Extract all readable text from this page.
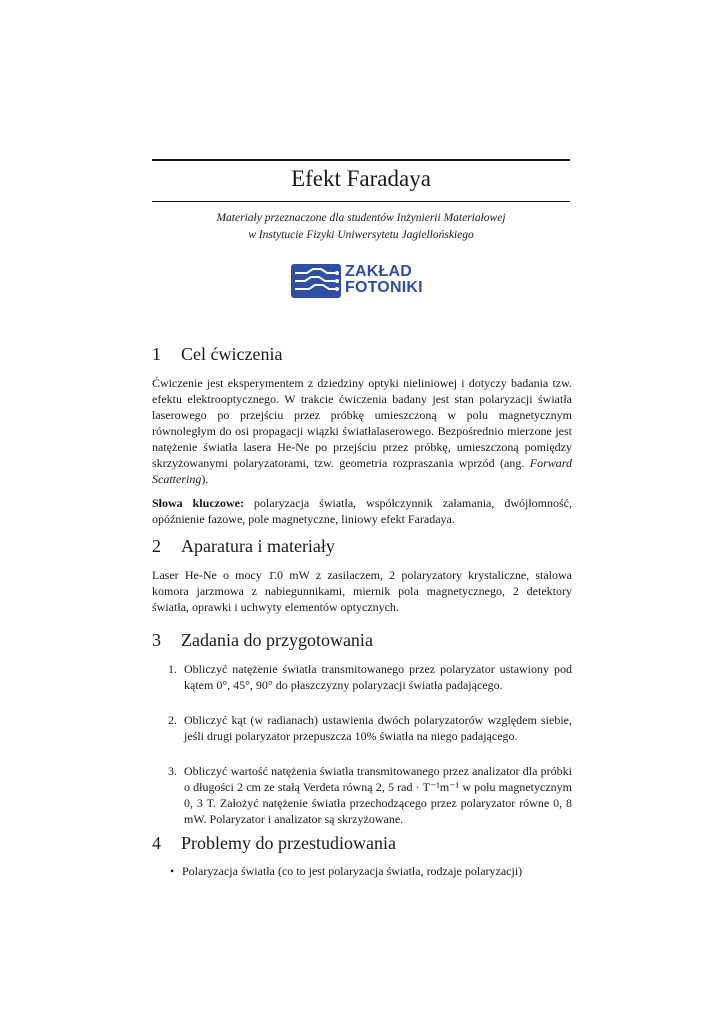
Efekt Faradaya
Materiały przeznaczone dla studentów Inżynierii Materiałowej
w Instytucie Fizyki Uniwersytetu Jagiellońskiego
ZAKŁAD
FOTONIKI
1 Cel ćwiczenia

Ćwiczenie jest eksperymentem z dziedziny optyki nieliniowej i dotyczy badania tzw. efektu elektrooptycznego. W trakcie ćwiczenia badany jest stan polaryzacji światła laserowego po przejściu przez próbkę umieszczoną w polu magnetycznym równoległym do osi propagacji wiązki światłalaserowego. Bezpośrednio mierzone jest natężenie światła lasera He-Ne po przejściu przez próbkę, umieszczoną pomiędzy skrzyżowanymi polaryzatorami, tzw. geometria rozpraszania wprzód (ang. Forward Scattering).

Słowa kluczowe: polaryzacja światła, współczynnik załamania, dwójłomność, opóźnienie fazowe, pole magnetyczne, liniowy efekt Faradaya.

2 Aparatura i materiały

Laser He-Ne o mocy 1̄.0 mW z zasilaczem, 2 polaryzatory krystaliczne, stalowa komora jarzmowa z nabiegunnikami, miernik pola magnetycznego, 2 detektory światła, oprawki i uchwyty elementów optycznych.

3 Zadania do przygotowania
1. Obliczyć natężenie światła transmitowanego przez polaryzator ustawiony pod kątem 0°, 45°, 90° do płaszczyzny polaryzacji światła padającego.
2. Obliczyć kąt (w radianach) ustawienia dwóch polaryzatorów względem siebie, jeśli drugi polaryzator przepuszcza 10% światła na niego padającego.
3. Obliczyć wartość natężenia światła transmitowanego przez analizator dla próbki o długości 2 cm ze stałą Verdeta równą 2, 5 rad · T⁻¹m⁻¹ w polu magnetycznym 0, 3 T. Założyć natężenie światła przechodzącego przez polaryzator równe 0, 8 mW. Polaryzator i analizator są skrzyżowane.
4 Problemy do przestudiowania
• Polaryzacja światła (co to jest polaryzacja światła, rodzaje polaryzacji)
